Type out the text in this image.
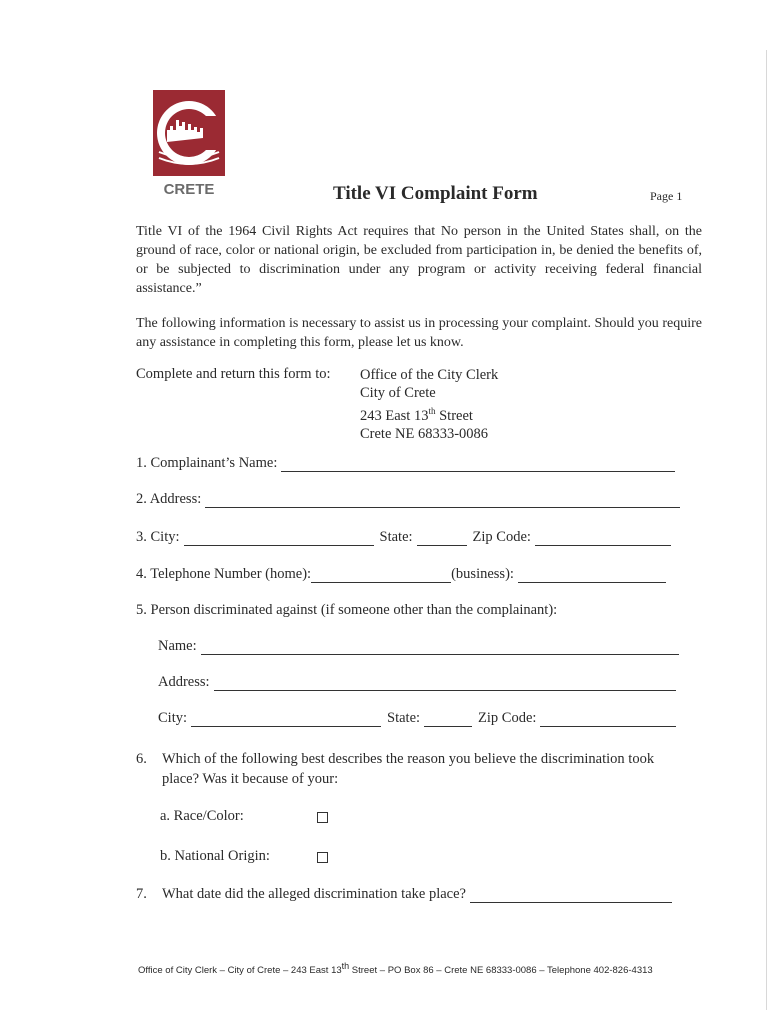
CRETE	Title VI Complaint Form	Page 1
Title VI of the 1964 Civil Rights Act requires that No person in the United States shall, on the ground of race, color or national origin, be excluded from participation in, be denied the benefits of, or be subjected to discrimination under any program or activity receiving federal financial assistance.”
The following information is necessary to assist us in processing your complaint. Should you require any assistance in completing this form, please let us know.
Complete and return this form to: Office of the City Clerk
City of Crete
243 East 13th Street
Crete NE 68333-0086
1. Complainant’s Name:
2. Address:
3. City:	State:	Zip Code:
4. Telephone Number (home):	(business):
5. Person discriminated against (if someone other than the complainant):
Name:
Address:
City:	State:	Zip Code:
6. Which of the following best describes the reason you believe the discrimination took
place? Was it because of your:
a. Race/Color:
b. National Origin:
7.	What date did the alleged discrimination take place?
Office of City Clerk – City of Crete – 243 East 13th Street – PO Box 86 – Crete NE 68333-0086 – Telephone 402-826-4313
